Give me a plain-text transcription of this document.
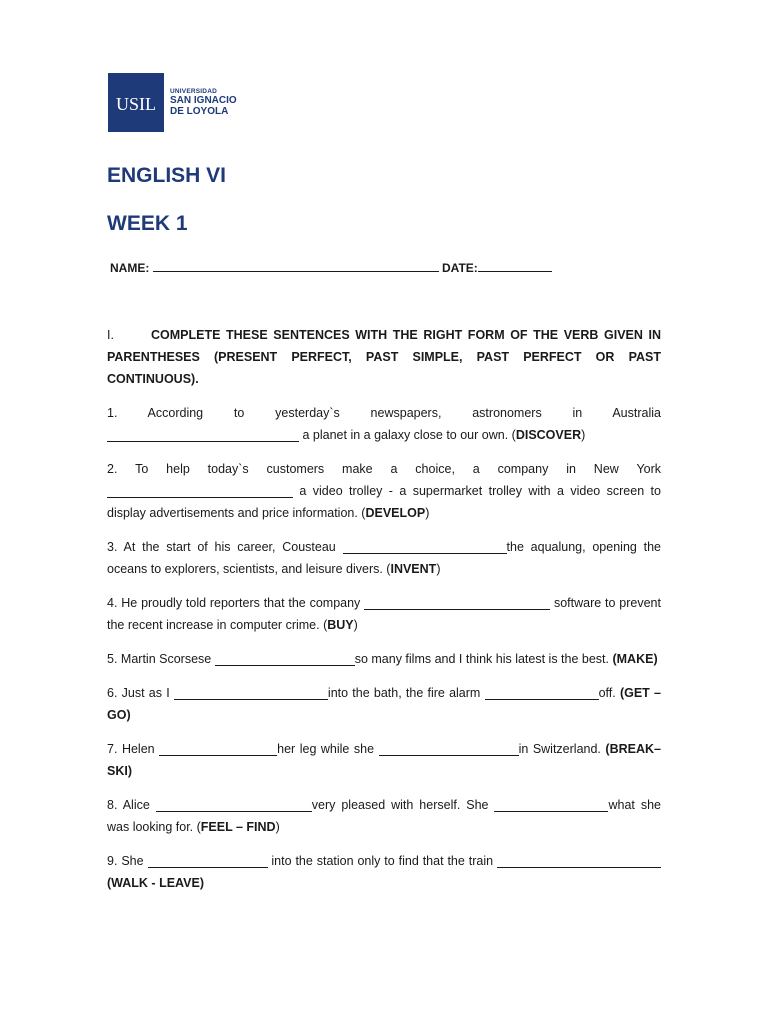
USIL
UNIVERSIDAD
SAN IGNACIO
DE LOYOLA
ENGLISH VI
WEEK 1
NAME:	DATE:
I.	COMPLETE THESE SENTENCES WITH THE RIGHT FORM OF THE VERB GIVEN IN PARENTHESES (PRESENT PERFECT, PAST SIMPLE, PAST PERFECT OR PAST CONTINUOUS).
1. According to yesterday`s newspapers, astronomers in Australia  a planet in a galaxy close to our own. (DISCOVER)
2. To help today`s customers make a choice, a company in New York  a video trolley - a supermarket trolley with a video screen to display advertisements and price information. (DEVELOP)
3. At the start of his career, Cousteau	the aqualung, opening the oceans to explorers, scientists, and leisure divers. (INVENT)
4. He proudly told reporters that the company	software to prevent the recent increase in computer crime. (BUY)
5. Martin Scorsese	so many films and I think his latest is the best. (MAKE)
6. Just as I	into the bath, the fire alarm	off. (GET – GO)
7. Helen	her leg while she	in Switzerland. (BREAK– SKI)
8. Alice	very pleased with herself. She	what she was looking for. (FEEL – FIND)
9. She	into the station only to find that the train (WALK - LEAVE)
